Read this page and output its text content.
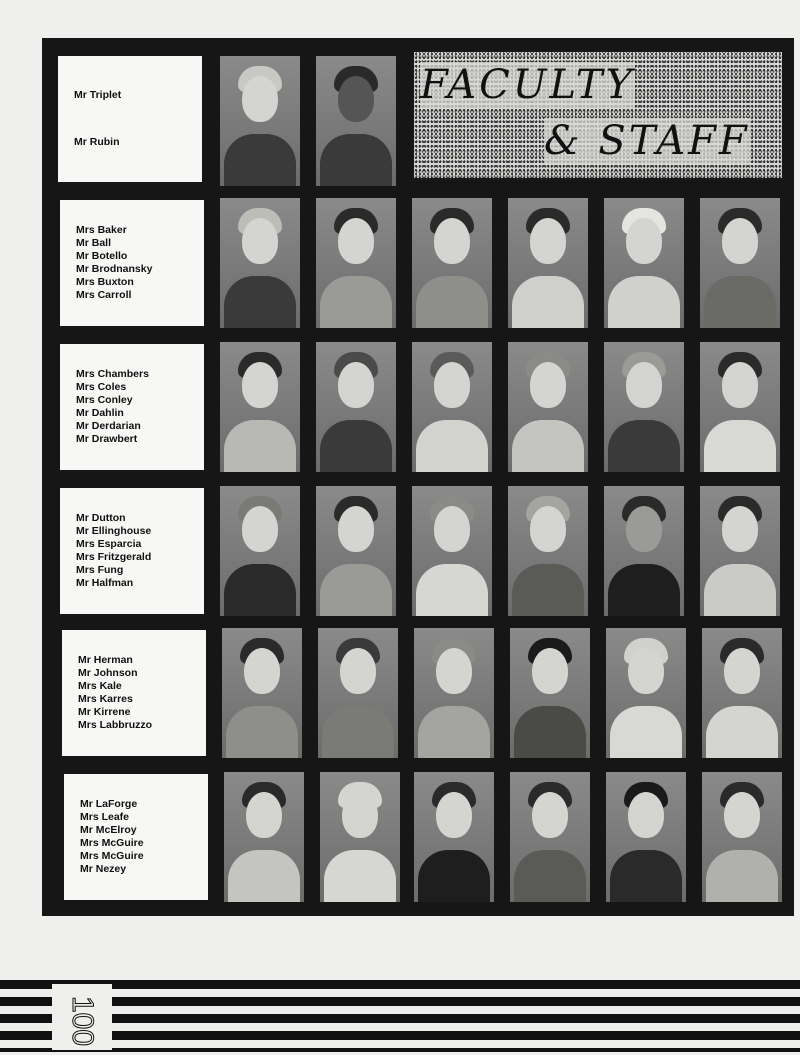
Mr Triplet
Mr Rubin
FACULTY
& STAFF
Mrs Baker
Mr Ball
Mr Botello
Mr Brodnansky
Mrs Buxton
Mrs Carroll
Mrs Chambers
Mrs Coles
Mrs Conley
Mr Dahlin
Mr Derdarian
Mr Drawbert
Mr Dutton
Mr Ellinghouse
Mrs Esparcia
Mrs Fritzgerald
Mrs Fung
Mr Halfman
Mr Herman
Mr Johnson
Mrs Kale
Mrs Karres
Mr Kirrene
Mrs Labbruzzo
Mr LaForge
Mrs Leafe
Mr McElroy
Mrs McGuire
Mrs McGuire
Mr Nezey
100
